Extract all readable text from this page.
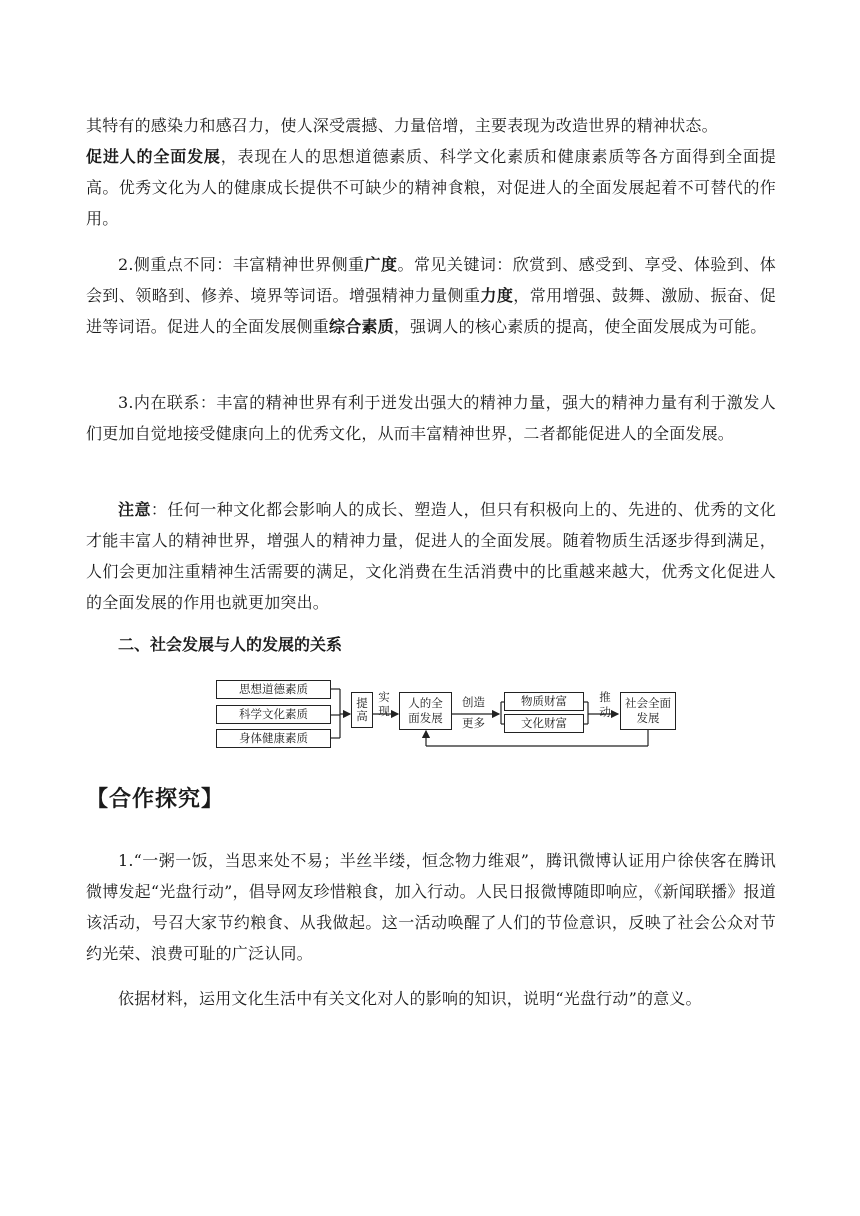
其特有的感染力和感召力，使人深受震撼、力量倍增，主要表现为改造世界的精神状态。
促进人的全面发展，表现在人的思想道德素质、科学文化素质和健康素质等各方面得到全面提高。优秀文化为人的健康成长提供不可缺少的精神食粮，对促进人的全面发展起着不可替代的作用。

2.侧重点不同：丰富精神世界侧重广度。常见关键词：欣赏到、感受到、享受、体验到、体会到、领略到、修养、境界等词语。增强精神力量侧重力度，常用增强、鼓舞、激励、振奋、促进等词语。促进人的全面发展侧重综合素质，强调人的核心素质的提高，使全面发展成为可能。

3.内在联系：丰富的精神世界有利于迸发出强大的精神力量，强大的精神力量有利于激发人们更加自觉地接受健康向上的优秀文化，从而丰富精神世界，二者都能促进人的全面发展。

注意：任何一种文化都会影响人的成长、塑造人，但只有积极向上的、先进的、优秀的文化才能丰富人的精神世界，增强人的精神力量，促进人的全面发展。随着物质生活逐步得到满足，人们会更加注重精神生活需要的满足，文化消费在生活消费中的比重越来越大，优秀文化促进人的全面发展的作用也就更加突出。

二、社会发展与人的发展的关系
思想道德素质
科学文化素质
身体健康素质
提高
实现
人的全面发展
创造
更多
物质财富
文化财富
推动
社会全面发展
【合作探究】

1.“一粥一饭，当思来处不易；半丝半缕，恒念物力维艰”，腾讯微博认证用户徐侠客在腾讯微博发起“光盘行动”，倡导网友珍惜粮食，加入行动。人民日报微博随即响应，《新闻联播》报道该活动，号召大家节约粮食、从我做起。这一活动唤醒了人们的节俭意识，反映了社会公众对节约光荣、浪费可耻的广泛认同。

依据材料，运用文化生活中有关文化对人的影响的知识，说明“光盘行动”的意义。
